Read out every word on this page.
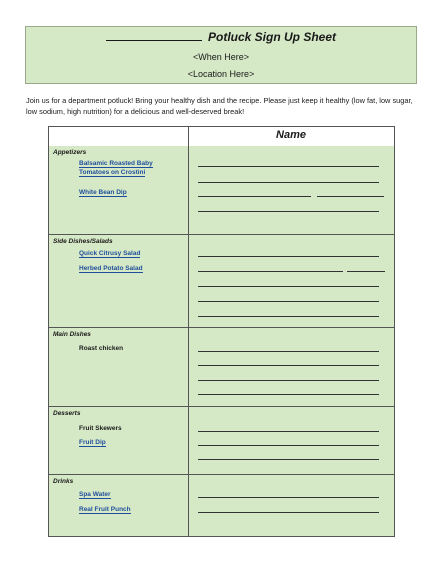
Potluck Sign Up Sheet
<When Here>
<Location Here>
Join us for a department potluck! Bring your healthy dish and the recipe. Please just keep it healthy (low fat, low sugar, low sodium, high nutrition) for a delicious and well-deserved break!
Name
Appetizers
Balsamic Roasted Baby Tomatoes on Crostini
White Bean Dip
Side Dishes/Salads
Quick Citrusy Salad
Herbed Potato Salad
Main Dishes
Roast chicken
Desserts
Fruit Skewers
Fruit Dip
Drinks
Spa Water
Real Fruit Punch
